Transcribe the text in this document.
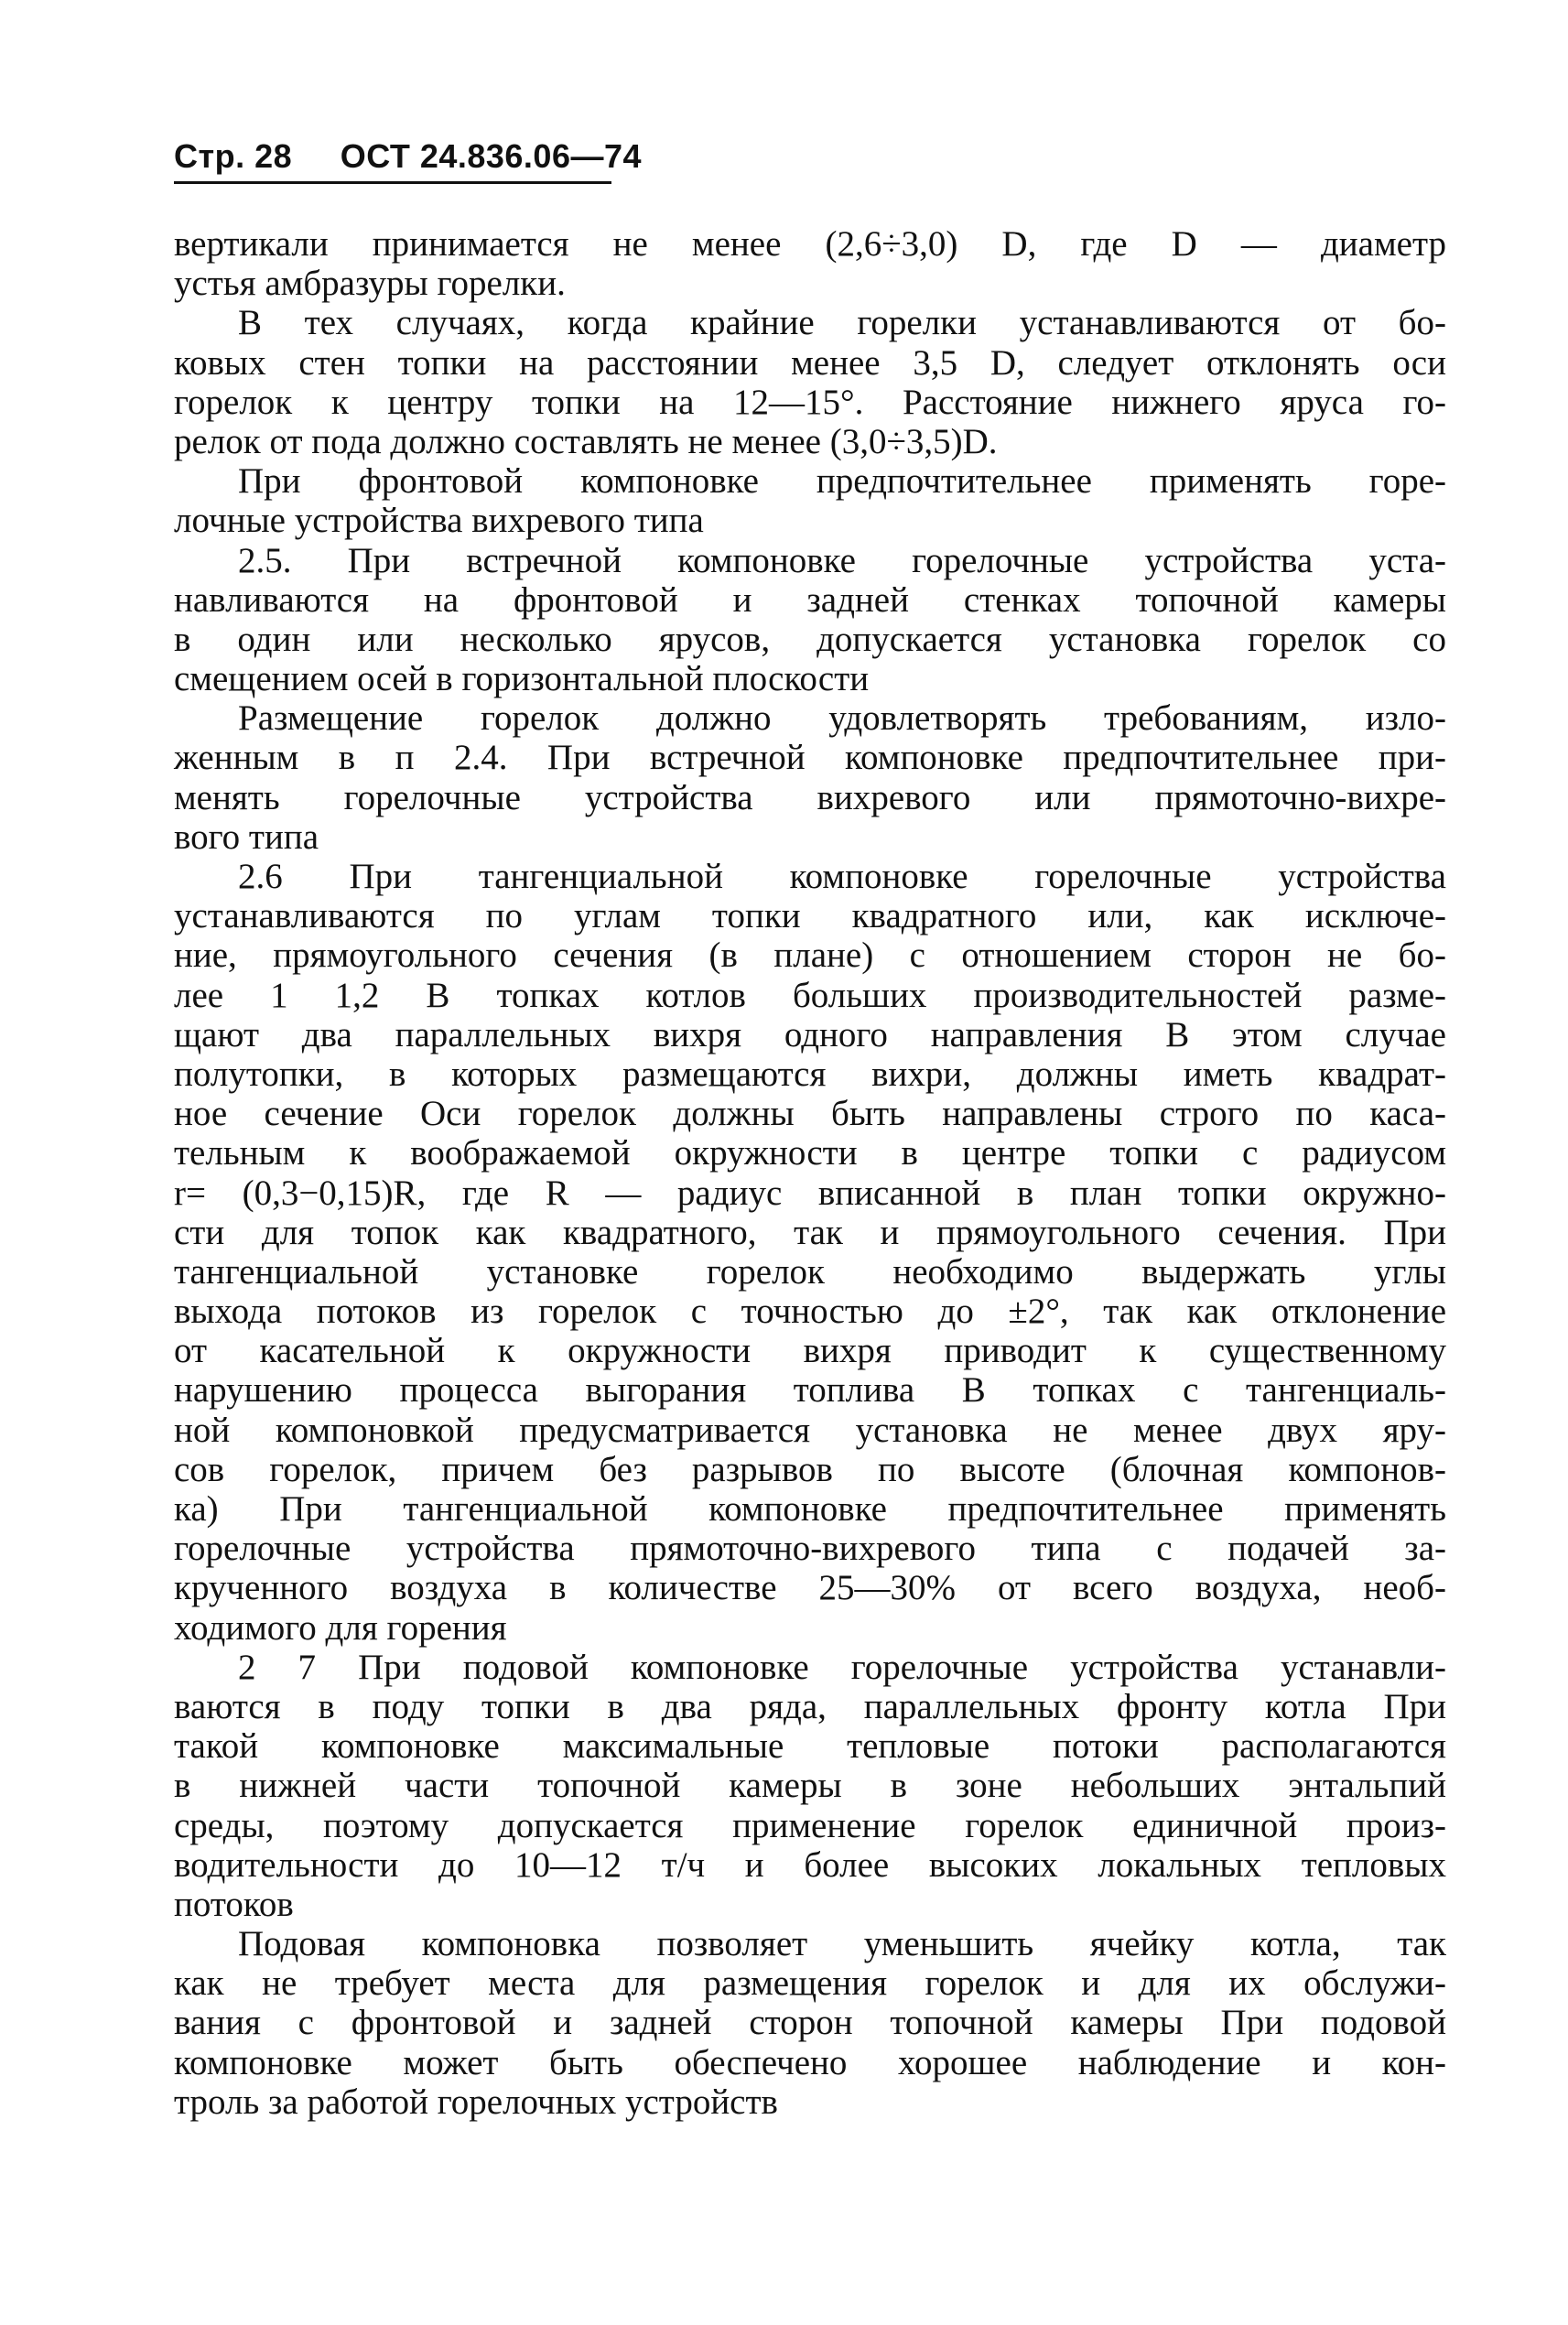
Стр. 28 ОСТ 24.836.06—74
вертикали принимается не менее (2,6÷3,0) D, где D — диаметр
устья амбразуры горелки.
В тех случаях, когда крайние горелки устанавливаются от бо-
ковых стен топки на расстоянии менее 3,5 D, следует отклонять оси
горелок к центру топки на 12—15°. Расстояние нижнего яруса го-
релок от пода должно составлять не менее (3,0÷3,5)D.
При фронтовой компоновке предпочтительнее применять горе-
лочные устройства вихревого типа
2.5. При встречной компоновке горелочные устройства уста-
навливаются на фронтовой и задней стенках топочной камеры
в один или несколько ярусов, допускается установка горелок со
смещением осей в горизонтальной плоскости
Размещение горелок должно удовлетворять требованиям, изло-
женным в п 2.4. При встречной компоновке предпочтительнее при-
менять горелочные устройства вихревого или прямоточно-вихре-
вого типа
2.6 При тангенциальной компоновке горелочные устройства
устанавливаются по углам топки квадратного или, как исключе-
ние, прямоугольного сечения (в плане) с отношением сторон не бо-
лее 1 1,2 В топках котлов больших производительностей разме-
щают два параллельных вихря одного направления В этом случае
полутопки, в которых размещаются вихри, должны иметь квадрат-
ное сечение Оси горелок должны быть направлены строго по каса-
тельным к воображаемой окружности в центре топки с радиусом
r= (0,3−0,15)R, где R — радиус вписанной в план топки окружно-
сти для топок как квадратного, так и прямоугольного сечения. При
тангенциальной установке горелок необходимо выдержать углы
выхода потоков из горелок с точностью до ±2°, так как отклонение
от касательной к окружности вихря приводит к существенному
нарушению процесса выгорания топлива В топках с тангенциаль-
ной компоновкой предусматривается установка не менее двух яру-
сов горелок, причем без разрывов по высоте (блочная компонов-
ка) При тангенциальной компоновке предпочтительнее применять
горелочные устройства прямоточно-вихревого типа с подачей за-
крученного воздуха в количестве 25—30% от всего воздуха, необ-
ходимого для горения
2 7 При подовой компоновке горелочные устройства устанавли-
ваются в поду топки в два ряда, параллельных фронту котла При
такой компоновке максимальные тепловые потоки располагаются
в нижней части топочной камеры в зоне небольших энтальпий
среды, поэтому допускается применение горелок единичной произ-
водительности до 10—12 т/ч и более высоких локальных тепловых
потоков
Подовая компоновка позволяет уменьшить ячейку котла, так
как не требует места для размещения горелок и для их обслужи-
вания с фронтовой и задней сторон топочной камеры При подовой
компоновке может быть обеспечено хорошее наблюдение и кон-
троль за работой горелочных устройств
